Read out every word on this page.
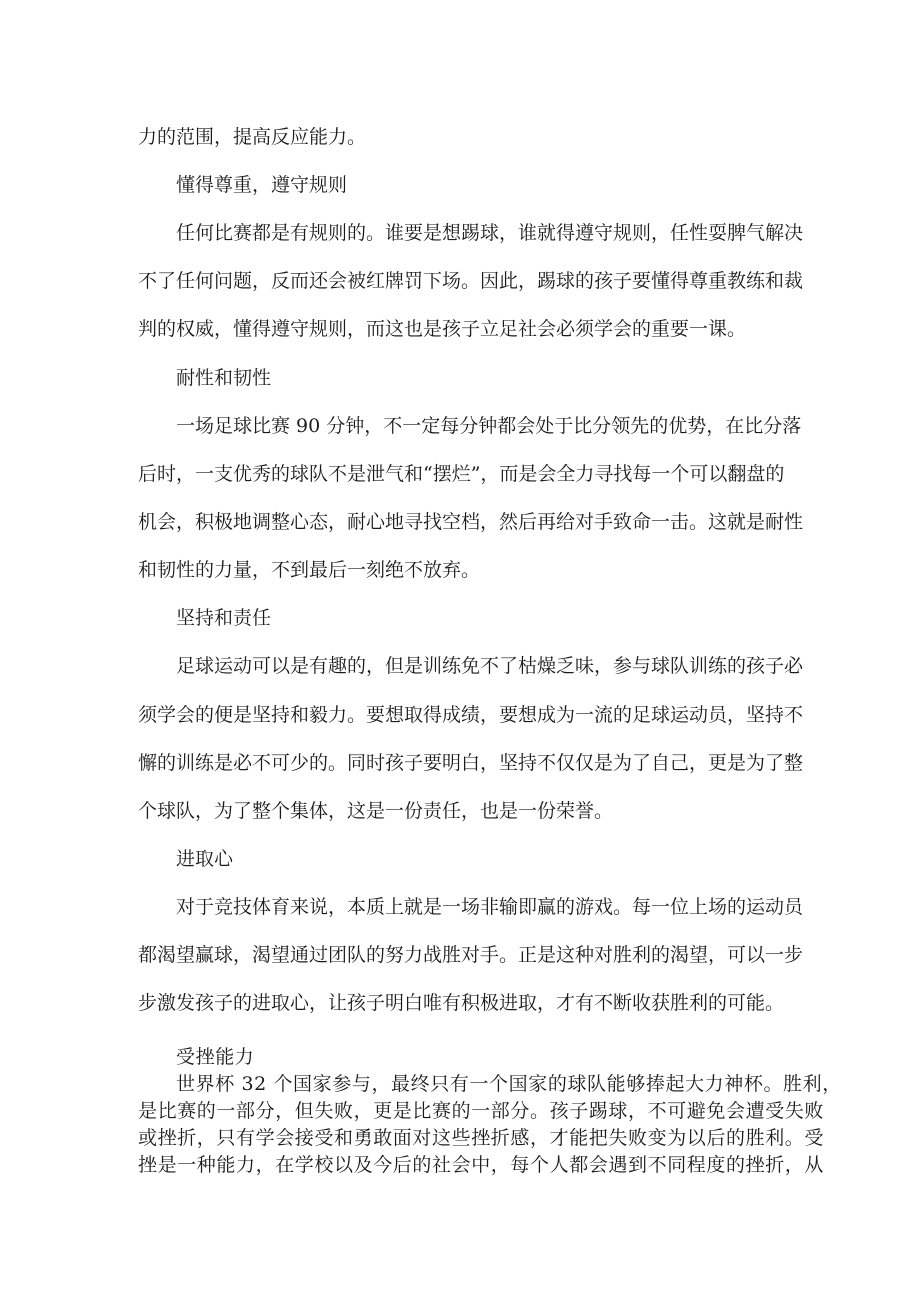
力的范围，提高反应能力。
懂得尊重，遵守规则
任何比赛都是有规则的。谁要是想踢球，谁就得遵守规则，任性耍脾气解决
不了任何问题，反而还会被红牌罚下场。因此，踢球的孩子要懂得尊重教练和裁
判的权威，懂得遵守规则，而这也是孩子立足社会必须学会的重要一课。
耐性和韧性
一场足球比赛 90 分钟，不一定每分钟都会处于比分领先的优势，在比分落
后时，一支优秀的球队不是泄气和“摆烂”，而是会全力寻找每一个可以翻盘的
机会，积极地调整心态，耐心地寻找空档，然后再给对手致命一击。这就是耐性
和韧性的力量，不到最后一刻绝不放弃。
坚持和责任
足球运动可以是有趣的，但是训练免不了枯燥乏味，参与球队训练的孩子必
须学会的便是坚持和毅力。要想取得成绩，要想成为一流的足球运动员，坚持不
懈的训练是必不可少的。同时孩子要明白，坚持不仅仅是为了自己，更是为了整
个球队，为了整个集体，这是一份责任，也是一份荣誉。
进取心
对于竞技体育来说，本质上就是一场非输即赢的游戏。每一位上场的运动员
都渴望赢球，渴望通过团队的努力战胜对手。正是这种对胜利的渴望，可以一步
步激发孩子的进取心，让孩子明白唯有积极进取，才有不断收获胜利的可能。
受挫能力
世界杯 32 个国家参与，最终只有一个国家的球队能够捧起大力神杯。胜利，
是比赛的一部分，但失败，更是比赛的一部分。孩子踢球，不可避免会遭受失败
或挫折，只有学会接受和勇敢面对这些挫折感，才能把失败变为以后的胜利。受
挫是一种能力，在学校以及今后的社会中，每个人都会遇到不同程度的挫折，从
